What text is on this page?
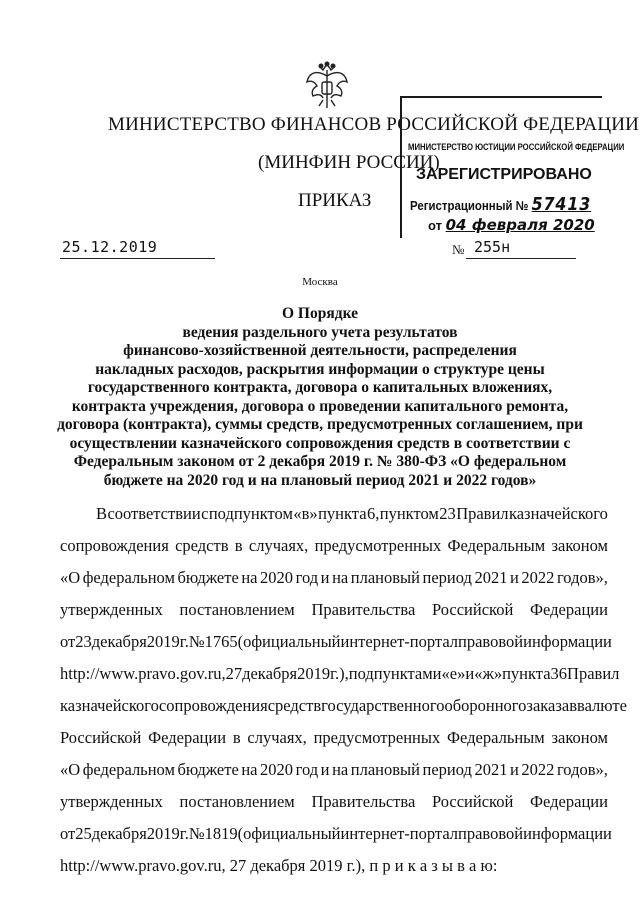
МИНИСТЕРСТВО ФИНАНСОВ РОССИЙСКОЙ ФЕДЕРАЦИИ
(МИНФИН РОССИИ)
ПРИКАЗ
МИНИСТЕРСТВО ЮСТИЦИИ РОССИЙСКОЙ ФЕДЕРАЦИИ
ЗАРЕГИСТРИРОВАНО
Регистрационный № 57413
от 04 февраля 2020
25.12.2019	№ 255н
Москва
О Порядке
ведения раздельного учета результатов
финансово-хозяйственной деятельности, распределения
накладных расходов, раскрытия информации о структуре цены
государственного контракта, договора о капитальных вложениях,
контракта учреждения, договора о проведении капитального ремонта,
договора (контракта), суммы средств, предусмотренных соглашением, при
осуществлении казначейского сопровождения средств в соответствии с
Федеральным законом от 2 декабря 2019 г. № 380-ФЗ «О федеральном
бюджете на 2020 год и на плановый период 2021 и 2022 годов»
В соответствии с подпунктом «в» пункта 6, пунктом 23 Правил казначейского
сопровождения средств в случаях, предусмотренных Федеральным законом
«О федеральном бюджете на 2020 год и на плановый период 2021 и 2022 годов»,
утвержденных постановлением Правительства Российской Федерации
от 23 декабря 2019 г. № 1765 (официальный интернет-портал правовой информации
http://www.pravo.gov.ru, 27 декабря 2019 г.), подпунктами «е» и «ж» пункта 36 Правил
казначейского сопровождения средств государственного оборонного заказа в валюте
Российской Федерации в случаях, предусмотренных Федеральным законом
«О федеральном бюджете на 2020 год и на плановый период 2021 и 2022 годов»,
утвержденных постановлением Правительства Российской Федерации
от 25 декабря 2019 г. № 1819 (официальный интернет-портал правовой информации
http://www.pravo.gov.ru, 27 декабря 2019 г.), п р и к а з ы в а ю:
